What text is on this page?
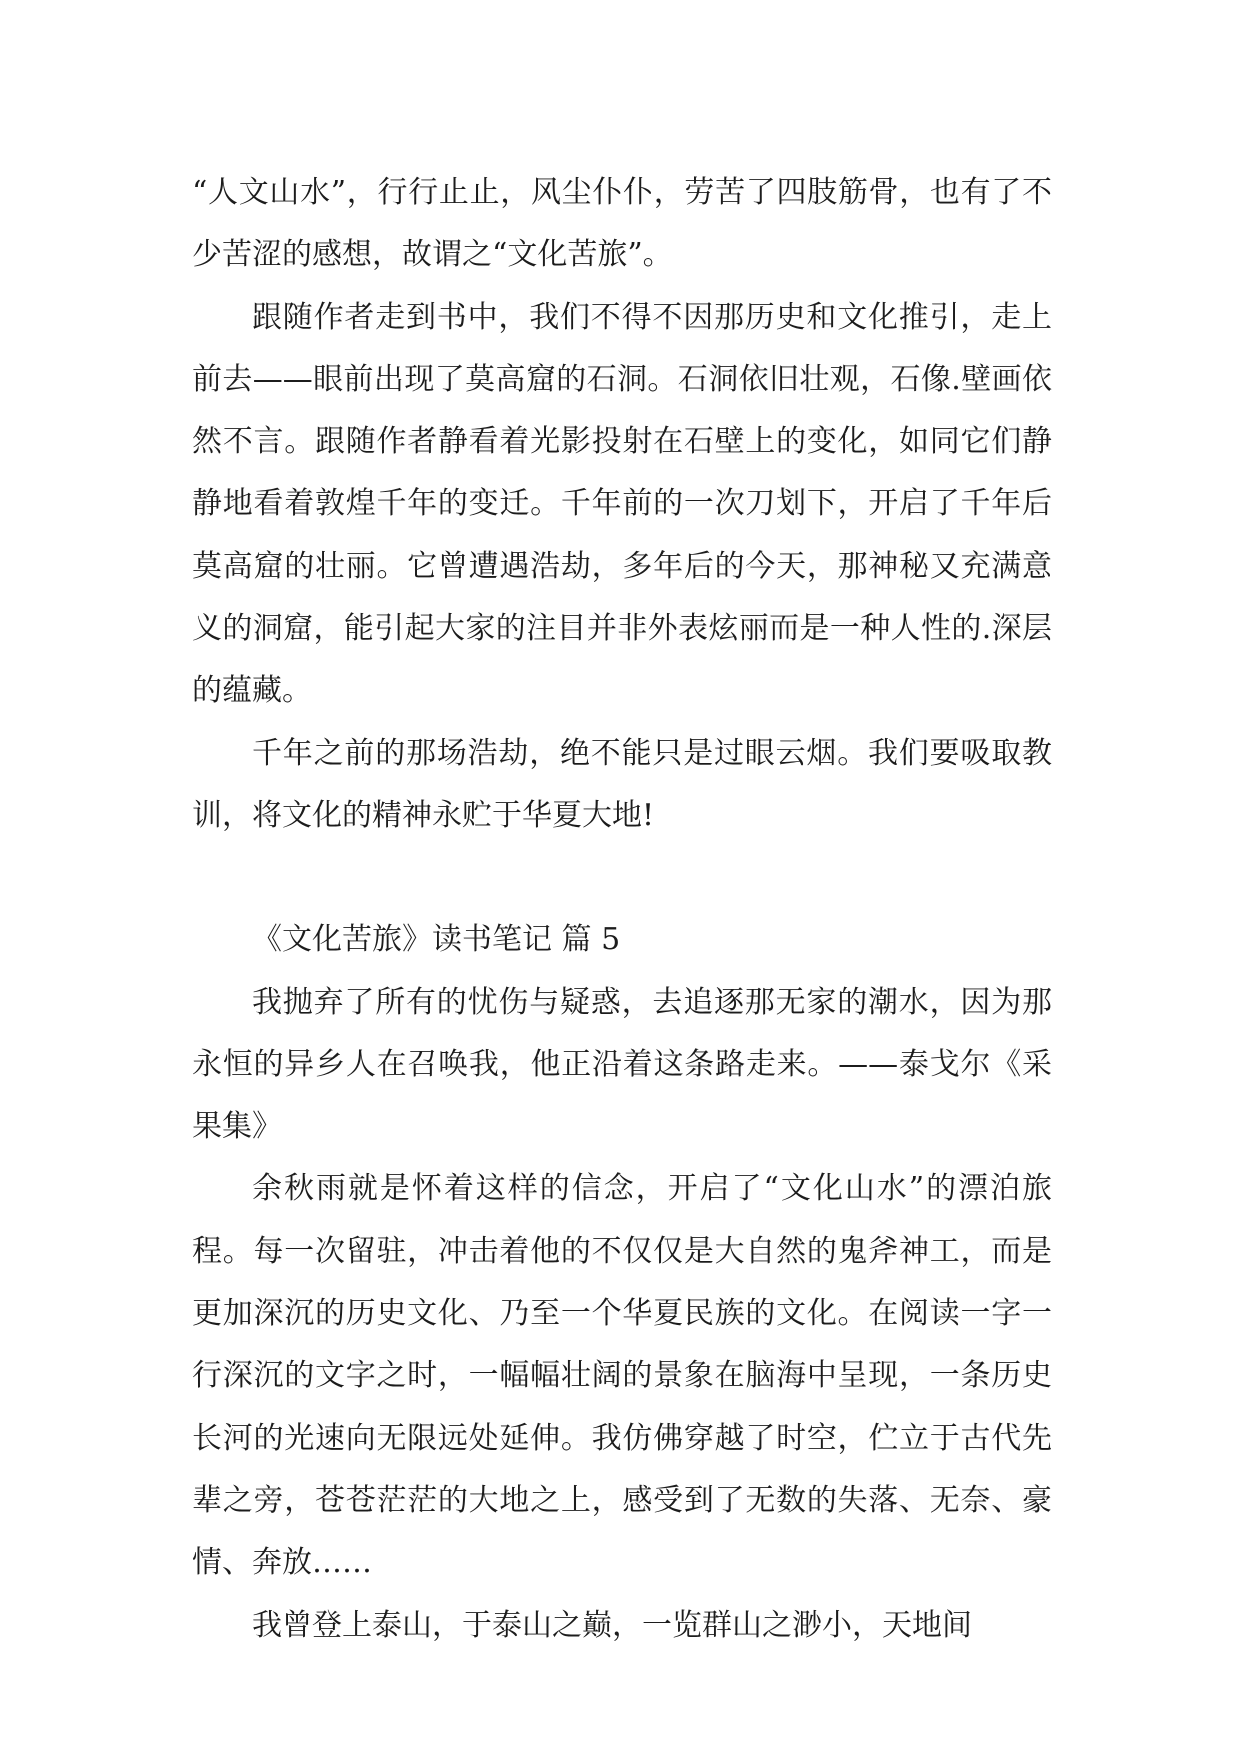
“人文山水”，行行止止，风尘仆仆，劳苦了四肢筋骨，也有了不少苦涩的感想，故谓之“文化苦旅”。

跟随作者走到书中，我们不得不因那历史和文化推引，走上前去——眼前出现了莫高窟的石洞。石洞依旧壮观，石像.壁画依然不言。跟随作者静看着光影投射在石壁上的变化，如同它们静静地看着敦煌千年的变迁。千年前的一次刀划下，开启了千年后莫高窟的壮丽。它曾遭遇浩劫，多年后的今天，那神秘又充满意义的洞窟，能引起大家的注目并非外表炫丽而是一种人性的.深层的蕴藏。

千年之前的那场浩劫，绝不能只是过眼云烟。我们要吸取教训，将文化的精神永贮于华夏大地!

《文化苦旅》读书笔记 篇 5

我抛弃了所有的忧伤与疑惑，去追逐那无家的潮水，因为那永恒的异乡人在召唤我，他正沿着这条路走来。——泰戈尔《采果集》

余秋雨就是怀着这样的信念，开启了“文化山水”的漂泊旅程。每一次留驻，冲击着他的不仅仅是大自然的鬼斧神工，而是更加深沉的历史文化、乃至一个华夏民族的文化。在阅读一字一行深沉的文字之时，一幅幅壮阔的景象在脑海中呈现，一条历史长河的光速向无限远处延伸。我仿佛穿越了时空，伫立于古代先辈之旁，苍苍茫茫的大地之上，感受到了无数的失落、无奈、豪情、奔放……

我曾登上泰山，于泰山之巅，一览群山之渺小，天地间
